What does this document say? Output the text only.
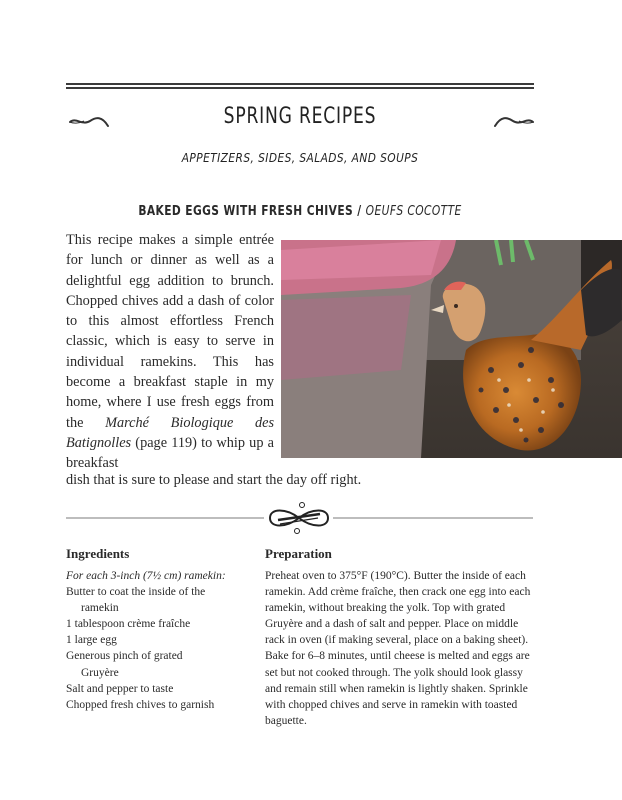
SPRING RECIPES
APPETIZERS, SIDES, SALADS, AND SOUPS
BAKED EGGS WITH FRESH CHIVES / OEUFS COCOTTE
This recipe makes a simple entrée for lunch or dinner as well as a delightful egg addition to brunch. Chopped chives add a dash of color to this almost effortless French classic, which is easy to serve in individual ramekins. This has become a breakfast staple in my home, where I use fresh eggs from the Marché Biologique des Batignolles (page 119) to whip up a breakfast
dish that is sure to please and start the day off right.
Ingredients
For each 3-inch (7½ cm) ramekin:
Butter to coat the inside of the
ramekin
1 tablespoon crème fraîche
1 large egg
Generous pinch of grated
Gruyère
Salt and pepper to taste
Chopped fresh chives to garnish
Preparation
Preheat oven to 375°F (190°C). Butter the inside of each ramekin. Add crème fraîche, then crack one egg into each ramekin, without breaking the yolk. Top with grated Gruyère and a dash of salt and pepper. Place on middle rack in oven (if making several, place on a baking sheet). Bake for 6–8 minutes, until cheese is melted and eggs are set but not cooked through. The yolk should look glassy and remain still when ramekin is lightly shaken. Sprinkle with chopped chives and serve in ramekin with toasted baguette.
